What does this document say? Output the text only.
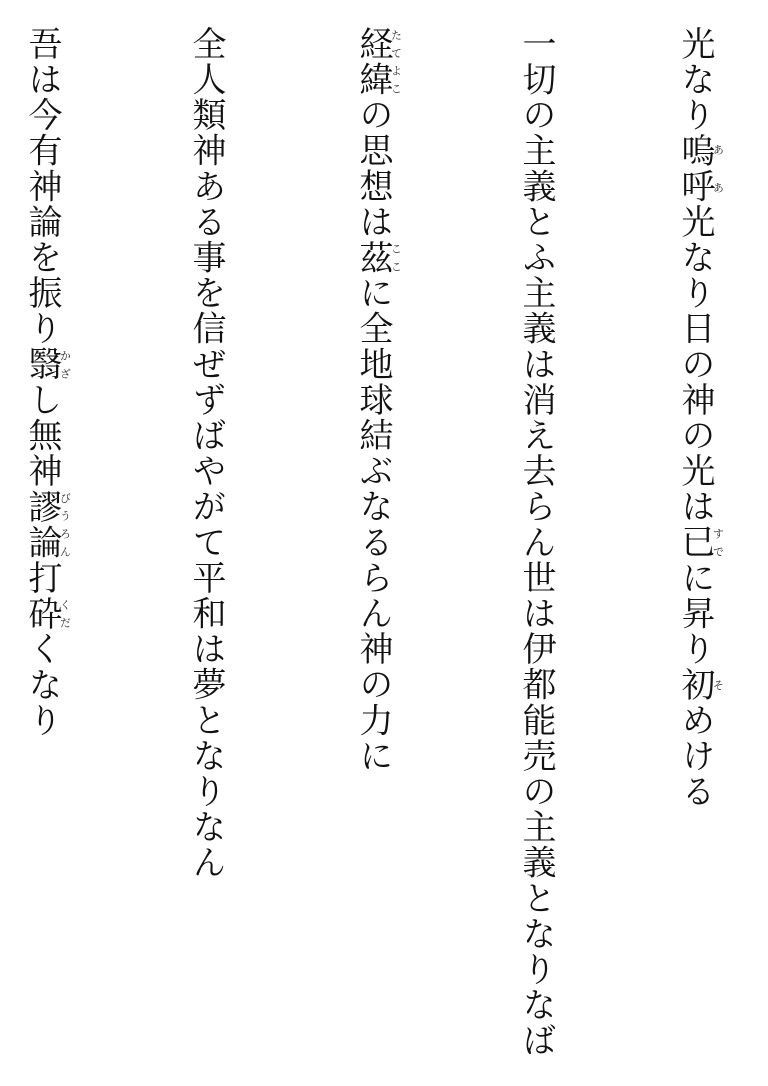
光なり嗚呼ああ光なり日の神の光は已すでに昇り初そめける
一切の主義とふ主義は消え去らん世は伊都能売の主義となりなば
経緯たてよこの思想は茲ここに全地球結ぶなるらん神の力に
全人類神ある事を信ぜずばやがて平和は夢となりなん
吾は今有神論を振り翳かざし無神謬論びうろん打砕くだくなり
